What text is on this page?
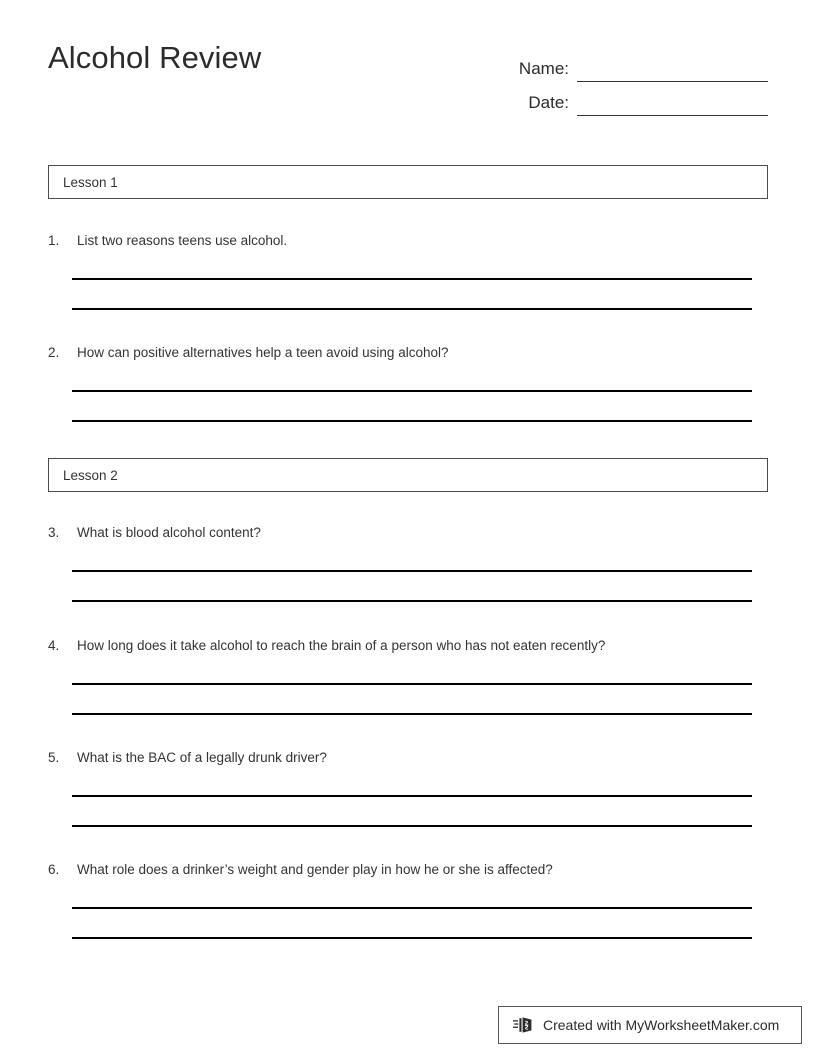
Alcohol Review	Name:
Date:
Lesson 1
1.	List two reasons teens use alcohol.
2.	How can positive alternatives help a teen avoid using alcohol?
Lesson 2
3.	What is blood alcohol content?
4.	How long does it take alcohol to reach the brain of a person who has not eaten recently?
5.	What is the BAC of a legally drunk driver?
6.	What role does a drinker’s weight and gender play in how he or she is affected?
Created with MyWorksheetMaker.com
